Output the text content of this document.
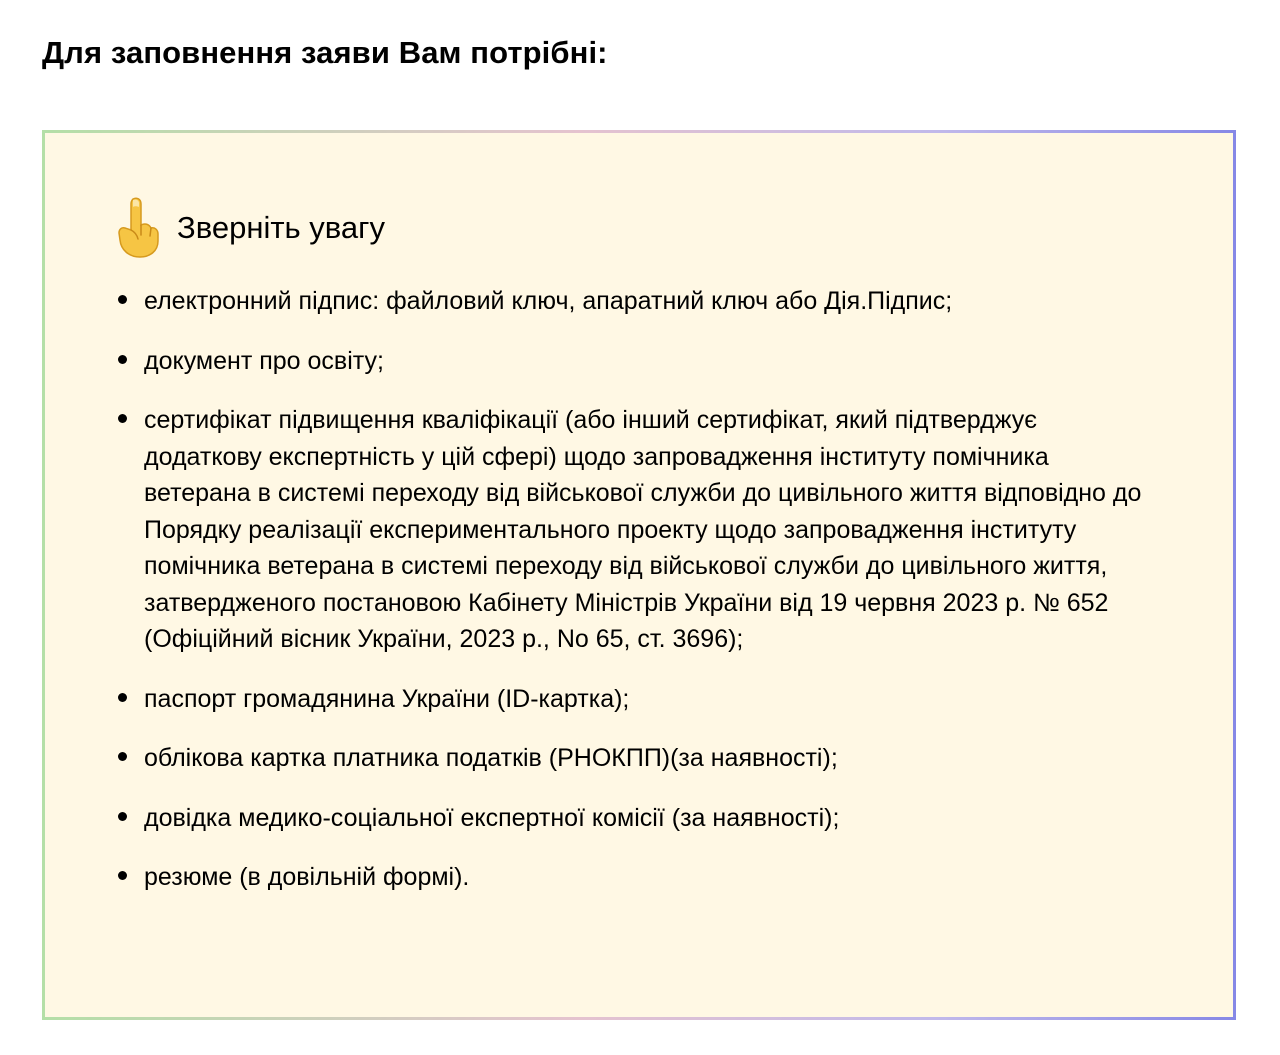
Для заповнення заяви Вам потрібні:
Зверніть увагу
електронний підпис: файловий ключ, апаратний ключ або Дія.Підпис;
документ про освіту;
сертифікат підвищення кваліфікації (або інший сертифікат, який підтверджує додаткову експертність у цій сфері) щодо запровадження інституту помічника ветерана в системі переходу від військової служби до цивільного життя відповідно до Порядку реалізації експериментального проекту щодо запровадження інституту помічника ветерана в системі переходу від військової служби до цивільного життя, затвердженого постановою Кабінету Міністрів України від 19 червня 2023 р. № 652 (Офіційний вісник України, 2023 р., No 65, ст. 3696);
паспорт громадянина України (ID-картка);
облікова картка платника податків (РНОКПП)(за наявності);
довідка медико-соціальної експертної комісії (за наявності);
резюме (в довільній формі).
